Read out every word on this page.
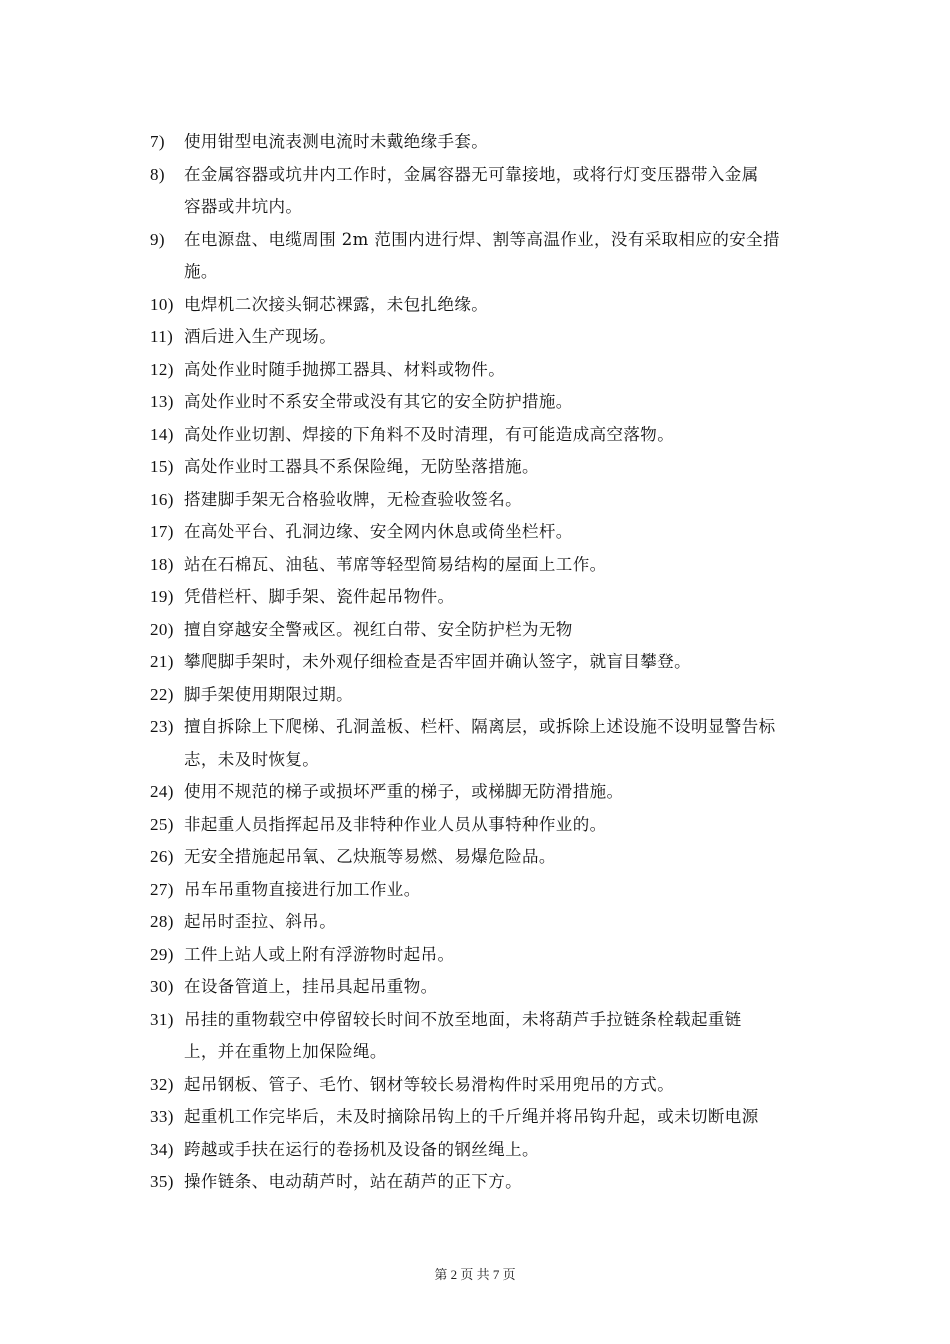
7)	使用钳型电流表测电流时未戴绝缘手套。
8)	在金属容器或坑井内工作时，金属容器无可靠接地，或将行灯变压器带入金属
容器或井坑内。
9)	在电源盘、电缆周围 2m 范围内进行焊、割等高温作业，没有采取相应的安全措
施。
10) 电焊机二次接头铜芯裸露，未包扎绝缘。
11) 酒后进入生产现场。
12) 高处作业时随手抛掷工器具、材料或物件。
13) 高处作业时不系安全带或没有其它的安全防护措施。
14) 高处作业切割、焊接的下角料不及时清理，有可能造成高空落物。
15) 高处作业时工器具不系保险绳，无防坠落措施。
16) 搭建脚手架无合格验收牌，无检查验收签名。
17) 在高处平台、孔洞边缘、安全网内休息或倚坐栏杆。
18) 站在石棉瓦、油毡、苇席等轻型简易结构的屋面上工作。
19) 凭借栏杆、脚手架、瓷件起吊物件。
20) 擅自穿越安全警戒区。视红白带、安全防护栏为无物
21) 攀爬脚手架时，未外观仔细检查是否牢固并确认签字，就盲目攀登。
22) 脚手架使用期限过期。
23) 擅自拆除上下爬梯、孔洞盖板、栏杆、隔离层，或拆除上述设施不设明显警告标
志，未及时恢复。
24) 使用不规范的梯子或损坏严重的梯子，或梯脚无防滑措施。
25) 非起重人员指挥起吊及非特种作业人员从事特种作业的。
26) 无安全措施起吊氧、乙炔瓶等易燃、易爆危险品。
27) 吊车吊重物直接进行加工作业。
28) 起吊时歪拉、斜吊。
29) 工件上站人或上附有浮游物时起吊。
30) 在设备管道上，挂吊具起吊重物。
31) 吊挂的重物载空中停留较长时间不放至地面，未将葫芦手拉链条栓载起重链
上，并在重物上加保险绳。
32) 起吊钢板、管子、毛竹、钢材等较长易滑构件时采用兜吊的方式。
33) 起重机工作完毕后，未及时摘除吊钩上的千斤绳并将吊钩升起，或未切断电源
34) 跨越或手扶在运行的卷扬机及设备的钢丝绳上。
35) 操作链条、电动葫芦时，站在葫芦的正下方。
第 2 页 共 7 页
